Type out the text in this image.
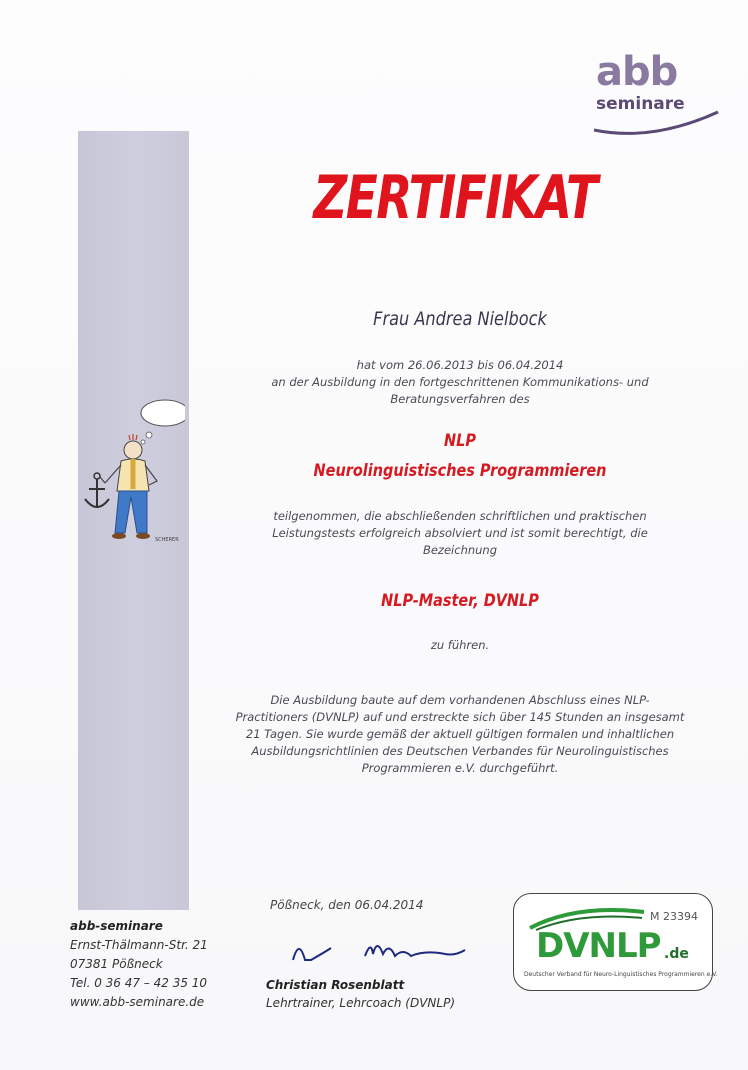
abb
seminare
ZERTIFIKAT
Frau Andrea Nielbock
hat vom 26.06.2013 bis 06.04.2014
an der Ausbildung in den fortgeschrittenen Kommunikations- und
Beratungsverfahren des
NLP
Neurolinguistisches Programmieren
teilgenommen, die abschließenden schriftlichen und praktischen
Leistungstests erfolgreich absolviert und ist somit berechtigt, die
Bezeichnung
NLP-Master, DVNLP
zu führen.
Die Ausbildung baute auf dem vorhandenen Abschluss eines NLP-
Practitioners (DVNLP) auf und erstreckte sich über 145 Stunden an insgesamt
21 Tagen. Sie wurde gemäß der aktuell gültigen formalen und inhaltlichen
Ausbildungsrichtlinien des Deutschen Verbandes für Neurolinguistisches
Programmieren e.V. durchgeführt.
SCHERER
abb-seminare
Ernst-Thälmann-Str. 21
07381 Pößneck
Tel. 0 36 47 – 42 35 10
www.abb-seminare.de
Pößneck, den 06.04.2014
Christian Rosenblatt
Lehrtrainer, Lehrcoach (DVNLP)
M 23394
DVNLP .de
Deutscher Verband für Neuro-Linguistisches Programmieren e.V.
